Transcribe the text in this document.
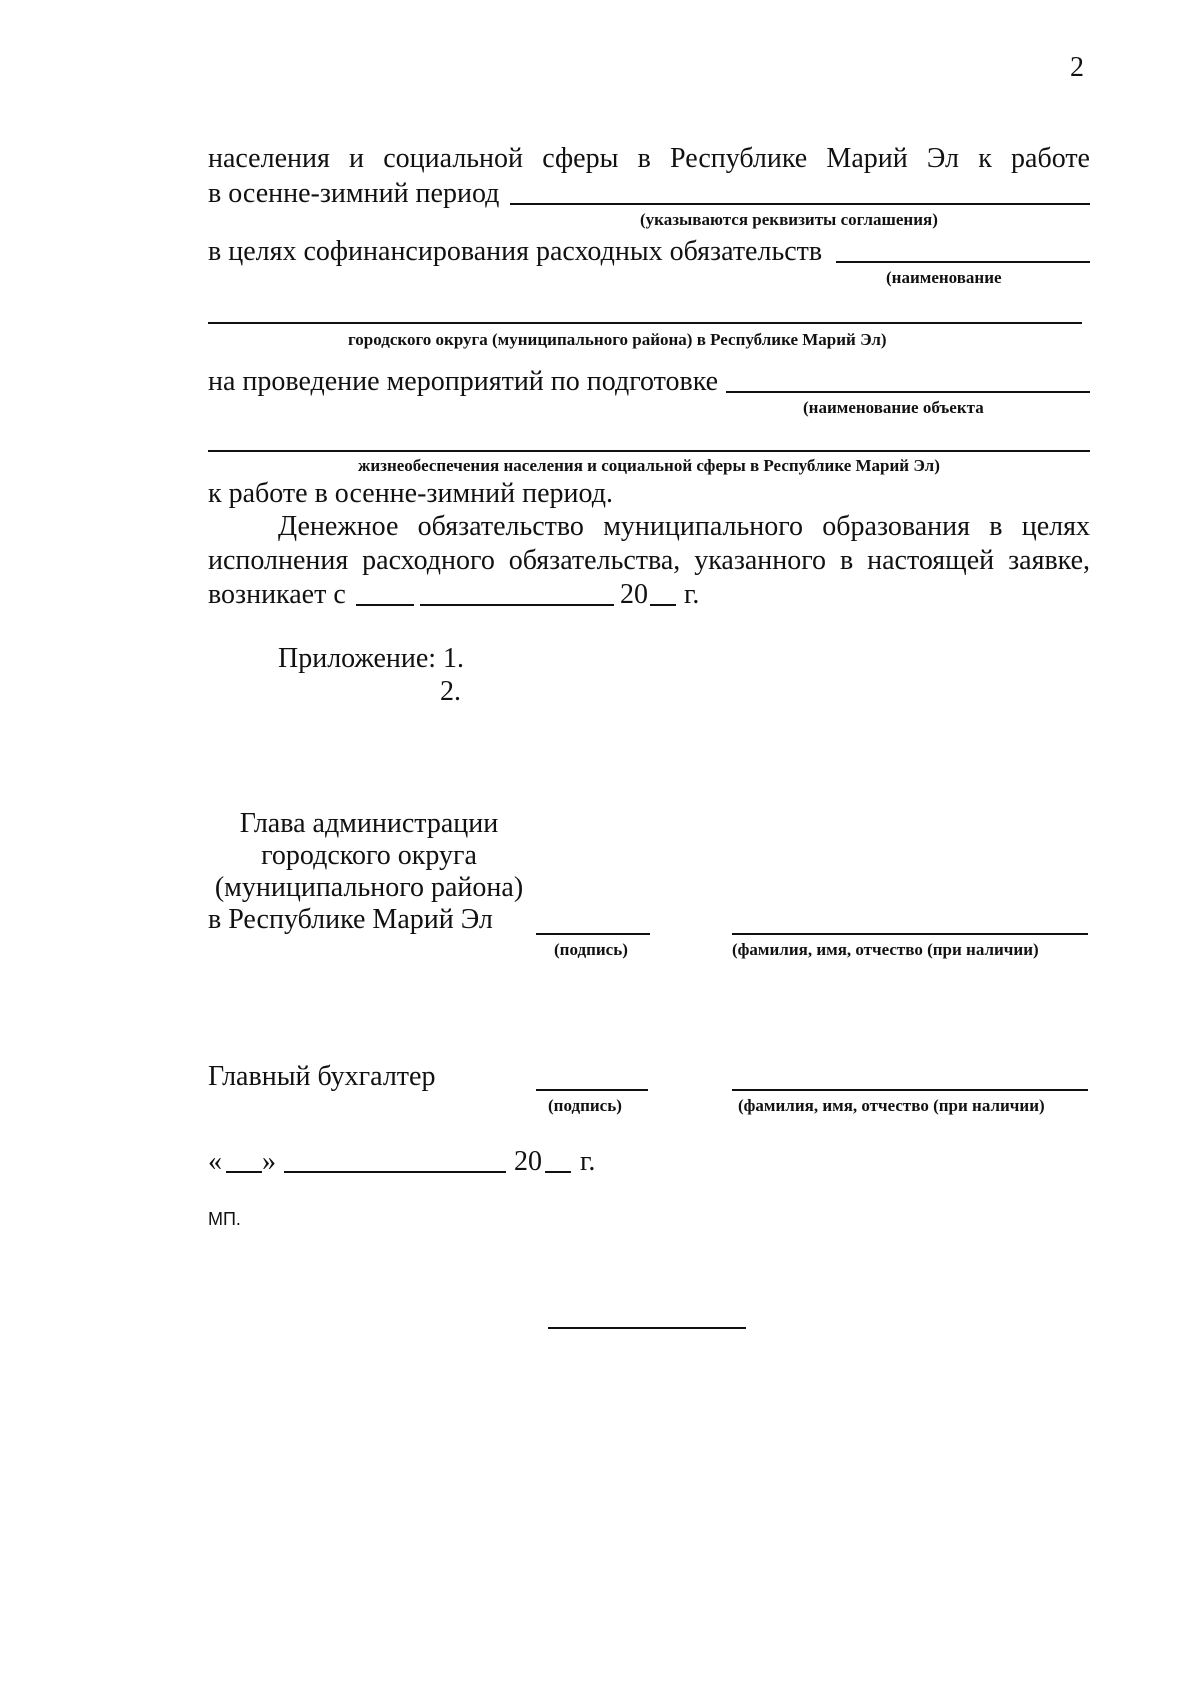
2
населения и социальной сферы в Республике Марий Эл к работе
в осенне-зимний период
(указываются реквизиты соглашения)
в целях софинансирования расходных обязательств
(наименование
городского округа (муниципального района) в Республике Марий Эл)
на проведение мероприятий по подготовке
(наименование объекта
жизнеобеспечения населения и социальной сферы в Республике Марий Эл)
к работе в осенне-зимний период.
Денежное обязательство муниципального образования в целях
исполнения расходного обязательства, указанного в настоящей заявке,
возникает с	20 г.
Приложение: 1.
2.
Глава администрации
городского округа
(муниципального района)
в Республике Марий Эл
(подпись)	(фамилия, имя, отчество (при наличии)
Главный бухгалтер
(подпись)	(фамилия, имя, отчество (при наличии)
« »	20 г.
МП.
